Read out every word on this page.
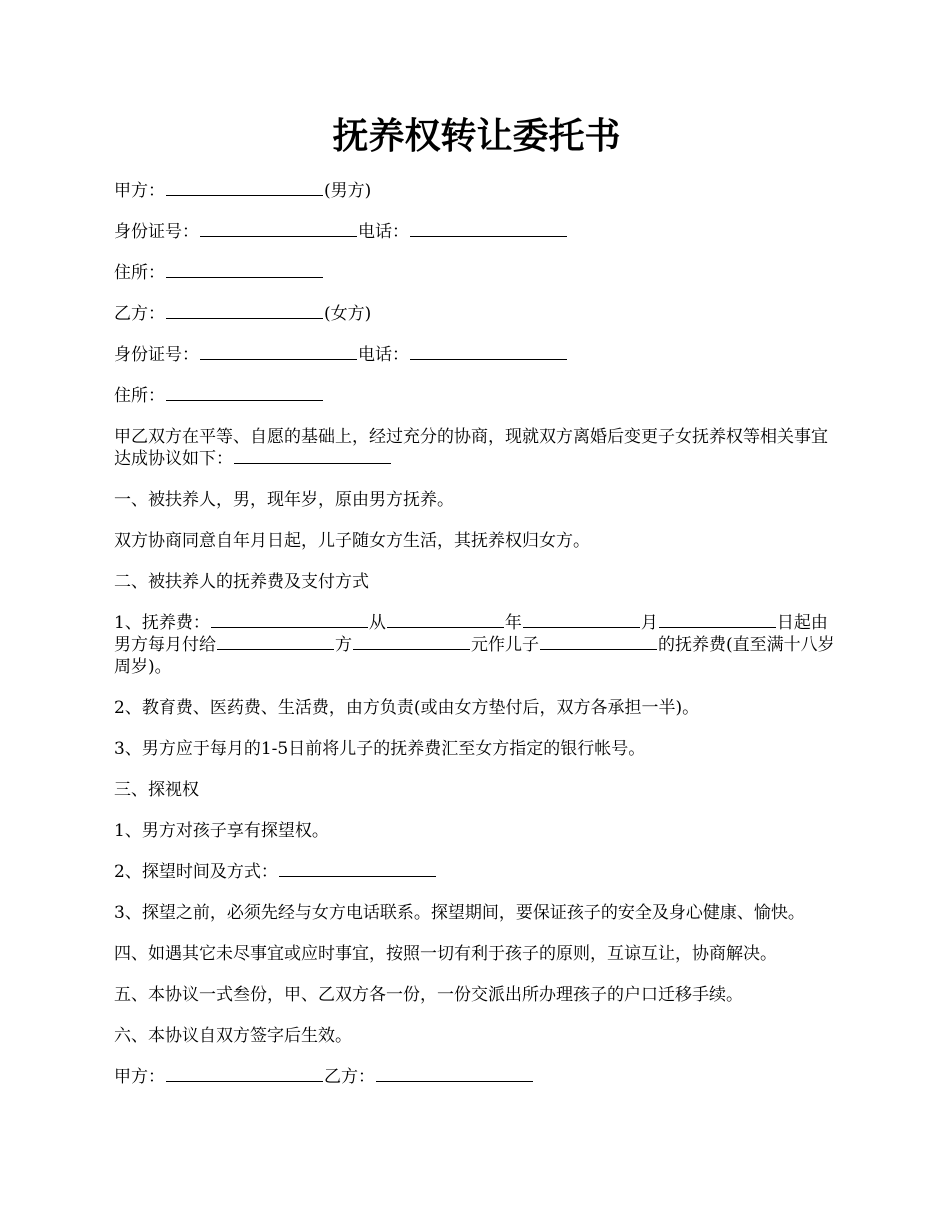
抚养权转让委托书

甲方：	(男方)

身份证号：	电话：

住所：

乙方：	(女方)

身份证号：	电话：

住所：

甲乙双方在平等、自愿的基础上，经过充分的协商，现就双方离婚后变更子女抚养权等相关事宜达成协议如下：

一、被扶养人，男，现年岁，原由男方抚养。

双方协商同意自年月日起，儿子随女方生活，其抚养权归女方。

二、被扶养人的抚养费及支付方式

1、抚养费：	从	年	月	日起由男方每月付给	方	元作儿子	的抚养费(直至满十八岁周岁)。

2、教育费、医药费、生活费，由方负责(或由女方垫付后，双方各承担一半)。

3、男方应于每月的1-5日前将儿子的抚养费汇至女方指定的银行帐号。

三、探视权

1、男方对孩子享有探望权。

2、探望时间及方式：

3、探望之前，必须先经与女方电话联系。探望期间，要保证孩子的安全及身心健康、愉快。

四、如遇其它未尽事宜或应时事宜，按照一切有利于孩子的原则，互谅互让，协商解决。

五、本协议一式叁份，甲、乙双方各一份，一份交派出所办理孩子的户口迁移手续。

六、本协议自双方签字后生效。

甲方：	乙方：
